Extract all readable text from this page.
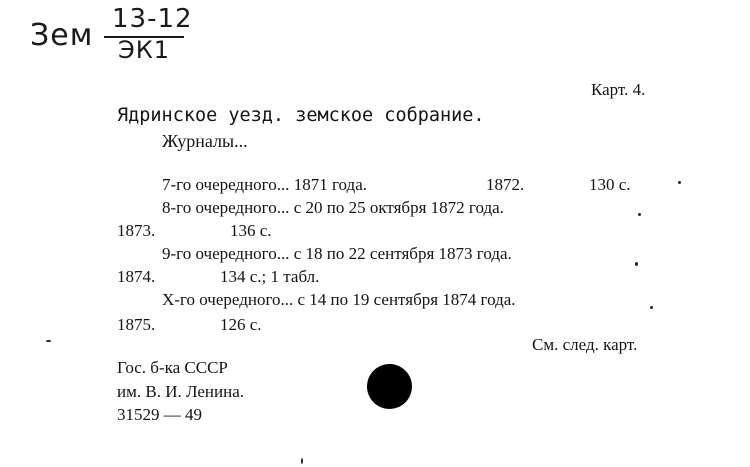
Зем 13-12
ЭК1
Карт. 4.
Ядринское уезд. земское собрание.
Журналы...
7-го очередного... 1871 года.	1872.	130 с.
8-го очередного... с 20 по 25 октября 1872 года.
1873.	136 с.
9-го очередного... с 18 по 22 сентября 1873 года.
1874.	134 с.; 1 табл.
X-го очередного... с 14 по 19 сентября 1874 года.
1875.	126 с.
См. след. карт.
Гос. б-ка СССР
им. В. И. Ленина.
31529 — 49
